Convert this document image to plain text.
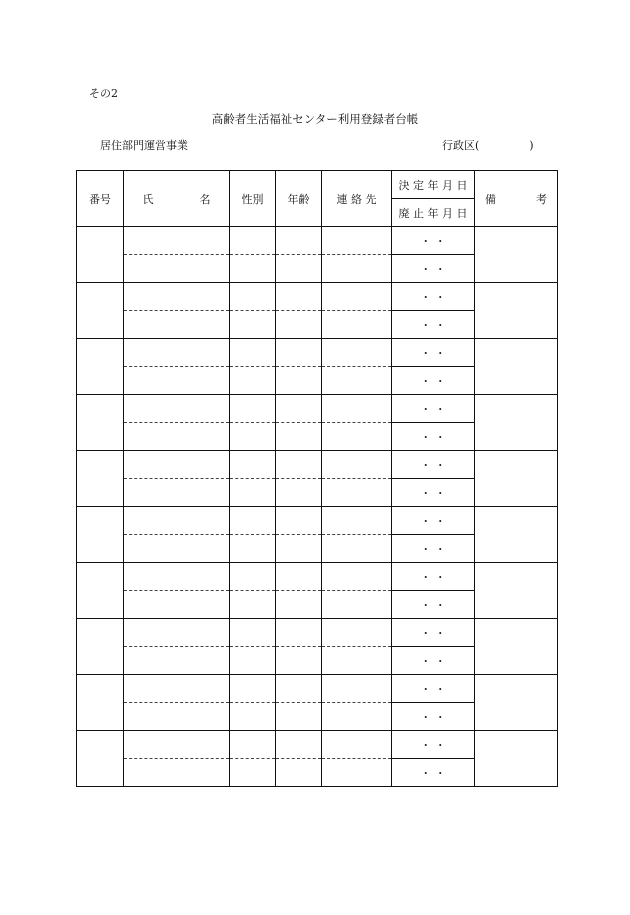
その2
高齢者生活福祉センター利用登録者台帳
居住部門運営事業	行政区(	)
番号	氏 名	性別	年齢	連 絡 先	決 定 年 月 日	備 考
					廃 止 年 月 日	
					・ ・	
					・ ・	
					・ ・	
					・ ・	
					・ ・	
					・ ・	
					・ ・	
					・ ・	
					・ ・	
					・ ・	
					・ ・	
					・ ・	
					・ ・	
					・ ・	
					・ ・	
					・ ・	
					・ ・	
					・ ・	
					・ ・	
					・ ・	
